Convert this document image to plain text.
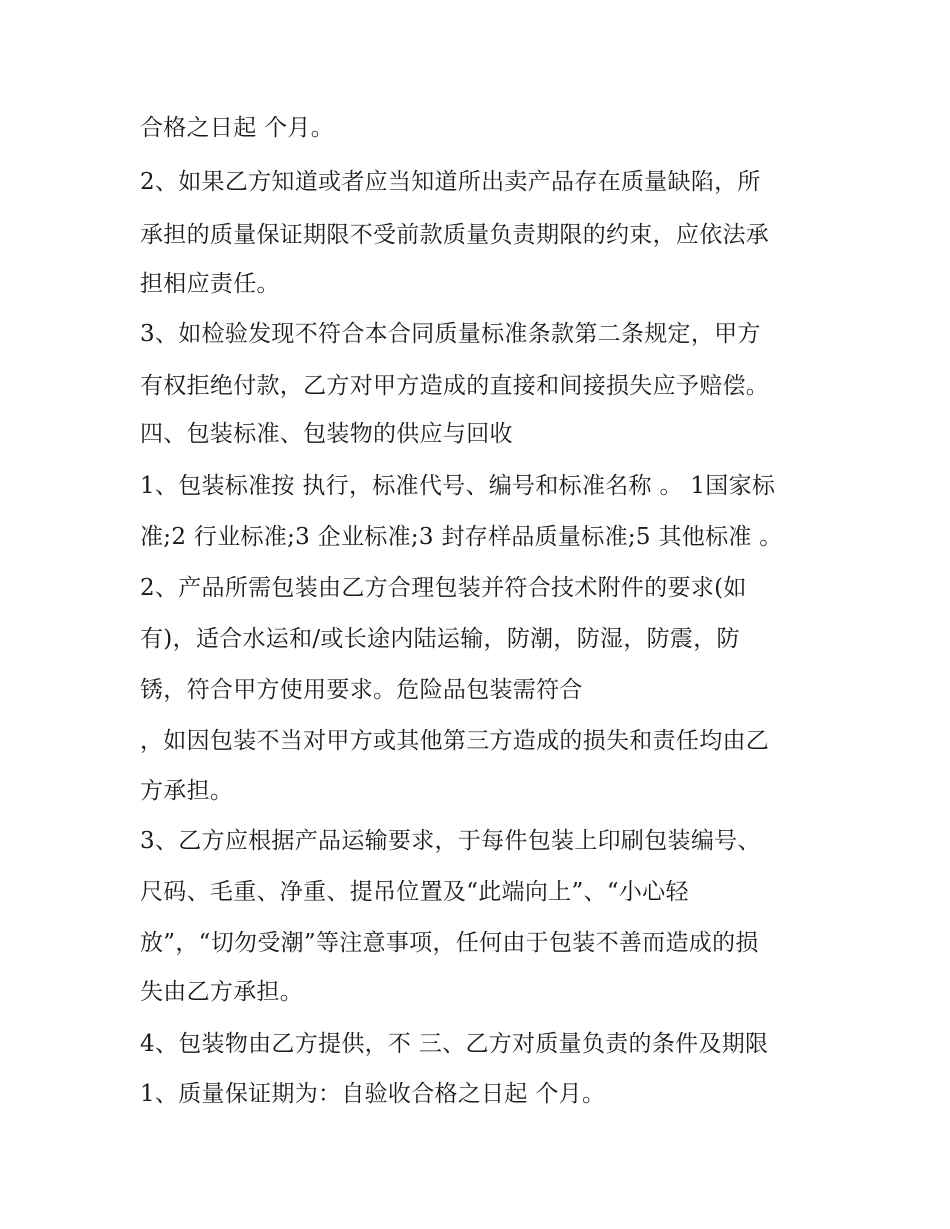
合格之日起 个月。
2、如果乙方知道或者应当知道所出卖产品存在质量缺陷，所
承担的质量保证期限不受前款质量负责期限的约束，应依法承
担相应责任。
3、如检验发现不符合本合同质量标准条款第二条规定，甲方
有权拒绝付款，乙方对甲方造成的直接和间接损失应予赔偿。
四、包装标准、包装物的供应与回收
1、包装标准按 执行，标准代号、编号和标准名称 。 1国家标
准;2 行业标准;3 企业标准;3 封存样品质量标准;5 其他标准 。
2、产品所需包装由乙方合理包装并符合技术附件的要求(如
有)，适合水运和/或长途内陆运输，防潮，防湿，防震，防
锈，符合甲方使用要求。危险品包装需符合
，如因包装不当对甲方或其他第三方造成的损失和责任均由乙
方承担。
3、乙方应根据产品运输要求，于每件包装上印刷包装编号、
尺码、毛重、净重、提吊位置及“此端向上”、“小心轻
放”，“切勿受潮”等注意事项，任何由于包装不善而造成的损
失由乙方承担。
4、包装物由乙方提供，不 三、乙方对质量负责的条件及期限
1、质量保证期为：自验收合格之日起 个月。
